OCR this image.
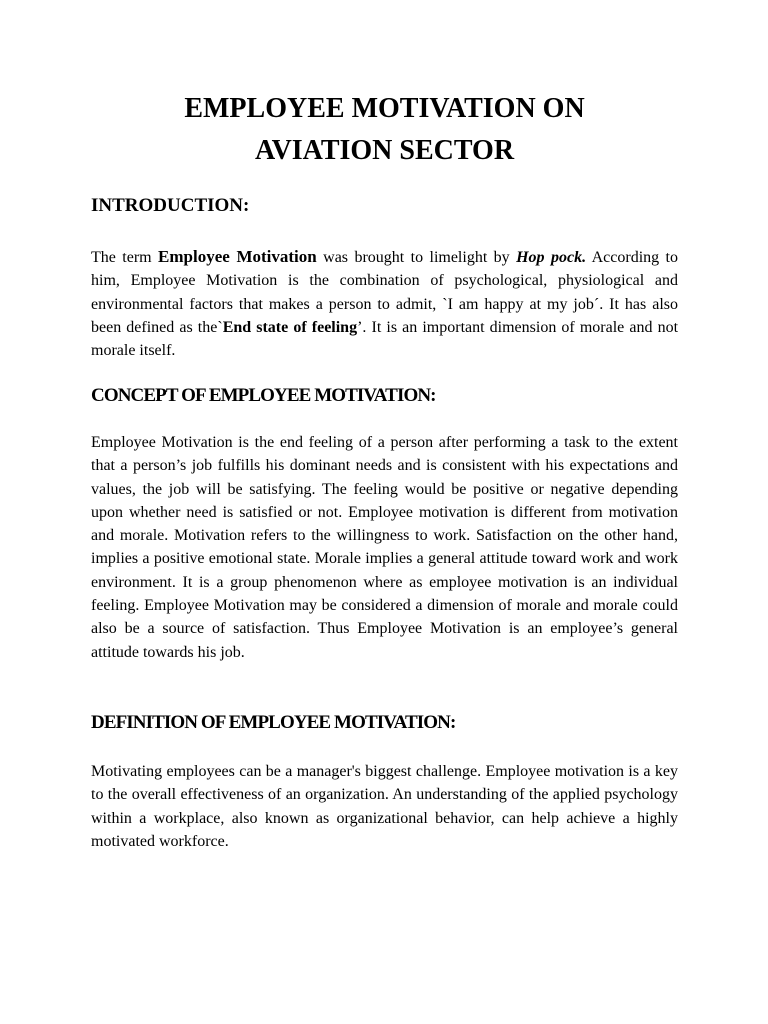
EMPLOYEE MOTIVATION ON
AVIATION SECTOR
INTRODUCTION:

The term Employee Motivation was brought to limelight by Hop pock. According to him, Employee Motivation is the combination of psychological, physiological and environmental factors that makes a person to admit, `I am happy at my job´. It has also been defined as the`End state of feeling’. It is an important dimension of morale and not morale itself.

CONCEPT OF EMPLOYEE MOTIVATION:

Employee Motivation is the end feeling of a person after performing a task to the extent that a person’s job fulfills his dominant needs and is consistent with his expectations and values, the job will be satisfying. The feeling would be positive or negative depending upon whether need is satisfied or not. Employee motivation is different from motivation and morale. Motivation refers to the willingness to work. Satisfaction on the other hand, implies a positive emotional state. Morale implies a general attitude toward work and work environment. It is a group phenomenon where as employee motivation is an individual feeling. Employee Motivation may be considered a dimension of morale and morale could also be a source of satisfaction. Thus Employee Motivation is an employee’s general attitude towards his job.

DEFINITION OF EMPLOYEE MOTIVATION:

Motivating employees can be a manager's biggest challenge. Employee motivation is a key to the overall effectiveness of an organization. An understanding of the applied psychology within a workplace, also known as organizational behavior, can help achieve a highly motivated workforce.
